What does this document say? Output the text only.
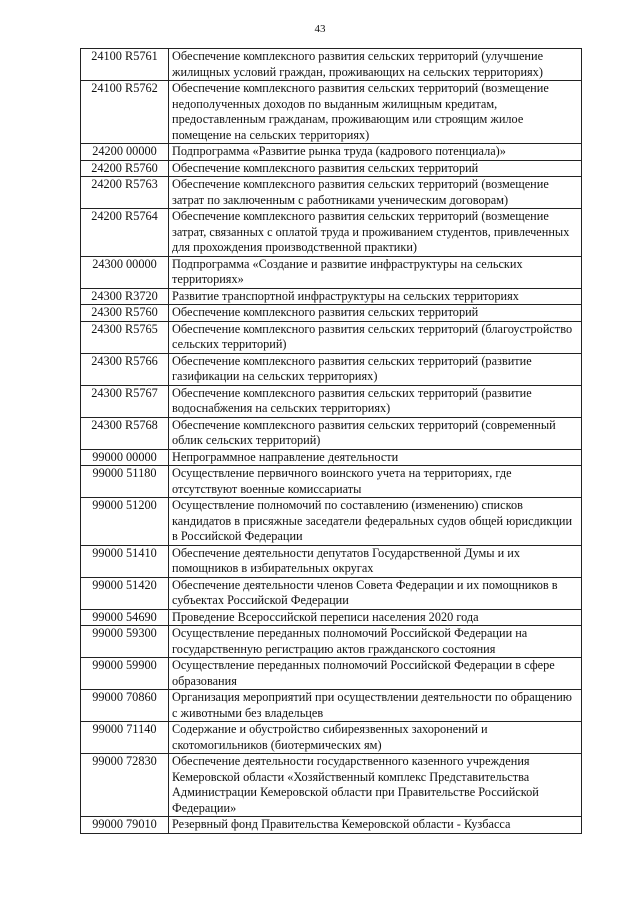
43
24100 R5761	Обеспечение комплексного развития сельских территорий (улучшение жилищных условий граждан, проживающих на сельских территориях)
24100 R5762	Обеспечение комплексного развития сельских территорий (возмещение недополученных доходов по выданным жилищным кредитам, предоставленным гражданам, проживающим или строящим жилое помещение на сельских территориях)
24200 00000	Подпрограмма «Развитие рынка труда (кадрового потенциала)»
24200 R5760	Обеспечение комплексного развития сельских территорий
24200 R5763	Обеспечение комплексного развития сельских территорий (возмещение затрат по заключенным с работниками ученическим договорам)
24200 R5764	Обеспечение комплексного развития сельских территорий (возмещение затрат, связанных с оплатой труда и проживанием студентов, привлеченных для прохождения производственной практики)
24300 00000	Подпрограмма «Создание и развитие инфраструктуры на сельских территориях»
24300 R3720	Развитие транспортной инфраструктуры на сельских территориях
24300 R5760	Обеспечение комплексного развития сельских территорий
24300 R5765	Обеспечение комплексного развития сельских территорий (благоустройство сельских территорий)
24300 R5766	Обеспечение комплексного развития сельских территорий (развитие газификации на сельских территориях)
24300 R5767	Обеспечение комплексного развития сельских территорий (развитие водоснабжения на сельских территориях)
24300 R5768	Обеспечение комплексного развития сельских территорий (современный облик сельских территорий)
99000 00000	Непрограммное направление деятельности
99000 51180	Осуществление первичного воинского учета на территориях, где отсутствуют военные комиссариаты
99000 51200	Осуществление полномочий по составлению (изменению) списков кандидатов в присяжные заседатели федеральных судов общей юрисдикции в Российской Федерации
99000 51410	Обеспечение деятельности депутатов Государственной Думы и их помощников в избирательных округах
99000 51420	Обеспечение деятельности членов Совета Федерации и их помощников в субъектах Российской Федерации
99000 54690	Проведение Всероссийской переписи населения 2020 года
99000 59300	Осуществление переданных полномочий Российской Федерации на государственную регистрацию актов гражданского состояния
99000 59900	Осуществление переданных полномочий Российской Федерации в сфере образования
99000 70860	Организация мероприятий при осуществлении деятельности по обращению с животными без владельцев
99000 71140	Содержание и обустройство сибиреязвенных захоронений и скотомогильников (биотермических ям)
99000 72830	Обеспечение деятельности государственного казенного учреждения Кемеровской области «Хозяйственный комплекс Представительства Администрации Кемеровской области при Правительстве Российской Федерации»
99000 79010	Резервный фонд Правительства Кемеровской области - Кузбасса
